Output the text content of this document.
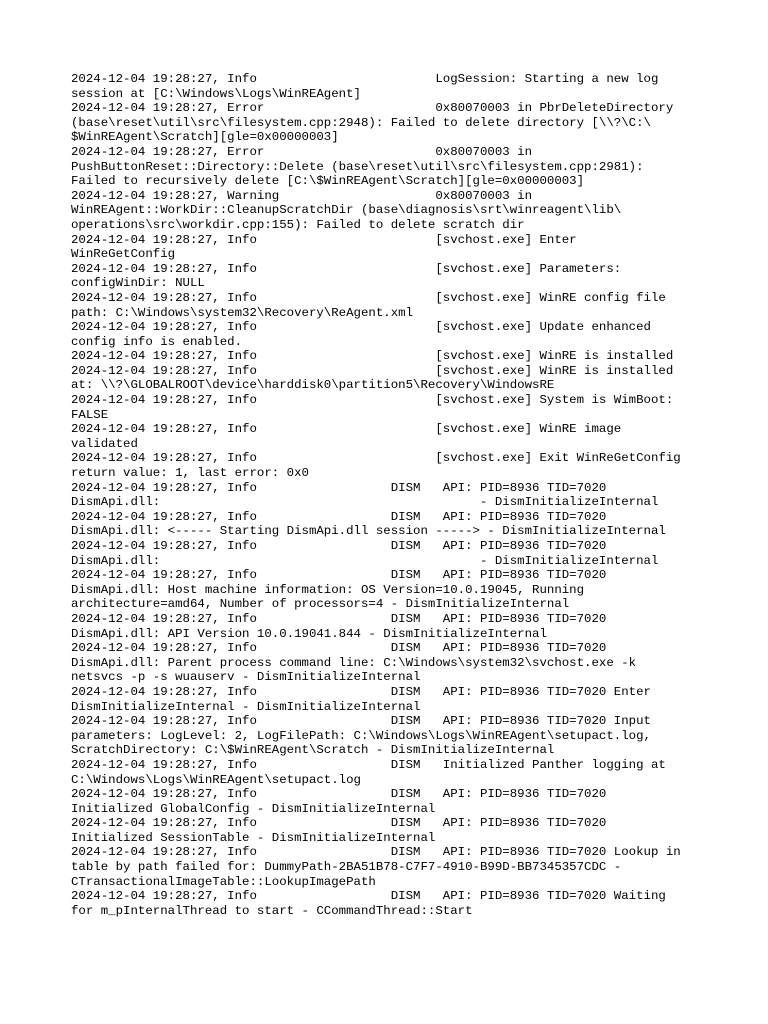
2024-12-04 19:28:27, Info                        LogSession: Starting a new log
session at [C:\Windows\Logs\WinREAgent]
2024-12-04 19:28:27, Error                       0x80070003 in PbrDeleteDirectory
(base\reset\util\src\filesystem.cpp:2948): Failed to delete directory [\\?\C:\
$WinREAgent\Scratch][gle=0x00000003]
2024-12-04 19:28:27, Error                       0x80070003 in
PushButtonReset::Directory::Delete (base\reset\util\src\filesystem.cpp:2981):
Failed to recursively delete [C:\$WinREAgent\Scratch][gle=0x00000003]
2024-12-04 19:28:27, Warning                     0x80070003 in
WinREAgent::WorkDir::CleanupScratchDir (base\diagnosis\srt\winreagent\lib\
operations\src\workdir.cpp:155): Failed to delete scratch dir
2024-12-04 19:28:27, Info                        [svchost.exe] Enter
WinReGetConfig
2024-12-04 19:28:27, Info                        [svchost.exe] Parameters:
configWinDir: NULL
2024-12-04 19:28:27, Info                        [svchost.exe] WinRE config file
path: C:\Windows\system32\Recovery\ReAgent.xml
2024-12-04 19:28:27, Info                        [svchost.exe] Update enhanced
config info is enabled.
2024-12-04 19:28:27, Info                        [svchost.exe] WinRE is installed
2024-12-04 19:28:27, Info                        [svchost.exe] WinRE is installed
at: \\?\GLOBALROOT\device\harddisk0\partition5\Recovery\WindowsRE
2024-12-04 19:28:27, Info                        [svchost.exe] System is WimBoot:
FALSE
2024-12-04 19:28:27, Info                        [svchost.exe] WinRE image
validated
2024-12-04 19:28:27, Info                        [svchost.exe] Exit WinReGetConfig
return value: 1, last error: 0x0
2024-12-04 19:28:27, Info                  DISM   API: PID=8936 TID=7020
DismApi.dll:                                           - DismInitializeInternal
2024-12-04 19:28:27, Info                  DISM   API: PID=8936 TID=7020
DismApi.dll: <----- Starting DismApi.dll session -----> - DismInitializeInternal
2024-12-04 19:28:27, Info                  DISM   API: PID=8936 TID=7020
DismApi.dll:                                           - DismInitializeInternal
2024-12-04 19:28:27, Info                  DISM   API: PID=8936 TID=7020
DismApi.dll: Host machine information: OS Version=10.0.19045, Running
architecture=amd64, Number of processors=4 - DismInitializeInternal
2024-12-04 19:28:27, Info                  DISM   API: PID=8936 TID=7020
DismApi.dll: API Version 10.0.19041.844 - DismInitializeInternal
2024-12-04 19:28:27, Info                  DISM   API: PID=8936 TID=7020
DismApi.dll: Parent process command line: C:\Windows\system32\svchost.exe -k
netsvcs -p -s wuauserv - DismInitializeInternal
2024-12-04 19:28:27, Info                  DISM   API: PID=8936 TID=7020 Enter
DismInitializeInternal - DismInitializeInternal
2024-12-04 19:28:27, Info                  DISM   API: PID=8936 TID=7020 Input
parameters: LogLevel: 2, LogFilePath: C:\Windows\Logs\WinREAgent\setupact.log,
ScratchDirectory: C:\$WinREAgent\Scratch - DismInitializeInternal
2024-12-04 19:28:27, Info                  DISM   Initialized Panther logging at
C:\Windows\Logs\WinREAgent\setupact.log
2024-12-04 19:28:27, Info                  DISM   API: PID=8936 TID=7020
Initialized GlobalConfig - DismInitializeInternal
2024-12-04 19:28:27, Info                  DISM   API: PID=8936 TID=7020
Initialized SessionTable - DismInitializeInternal
2024-12-04 19:28:27, Info                  DISM   API: PID=8936 TID=7020 Lookup in
table by path failed for: DummyPath-2BA51B78-C7F7-4910-B99D-BB7345357CDC -
CTransactionalImageTable::LookupImagePath
2024-12-04 19:28:27, Info                  DISM   API: PID=8936 TID=7020 Waiting
for m_pInternalThread to start - CCommandThread::Start
